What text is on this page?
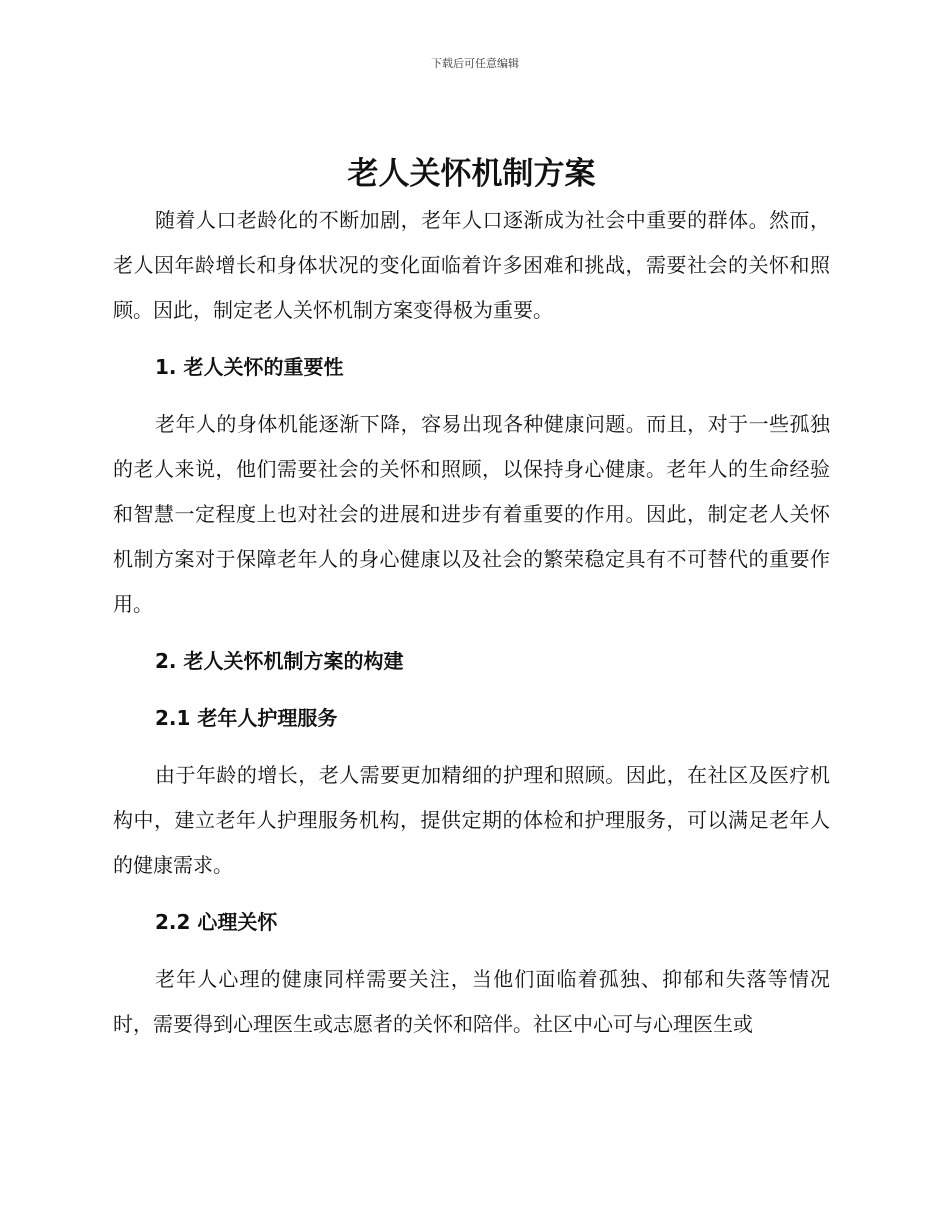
下载后可任意编辑
老人关怀机制方案

随着人口老龄化的不断加剧，老年人口逐渐成为社会中重要的群体。然而，老人因年龄增长和身体状况的变化面临着许多困难和挑战，需要社会的关怀和照顾。因此，制定老人关怀机制方案变得极为重要。

1. 老人关怀的重要性

老年人的身体机能逐渐下降，容易出现各种健康问题。而且，对于一些孤独的老人来说，他们需要社会的关怀和照顾，以保持身心健康。老年人的生命经验和智慧一定程度上也对社会的进展和进步有着重要的作用。因此，制定老人关怀机制方案对于保障老年人的身心健康以及社会的繁荣稳定具有不可替代的重要作用。

2. 老人关怀机制方案的构建
2.1 老年人护理服务

由于年龄的增长，老人需要更加精细的护理和照顾。因此，在社区及医疗机构中，建立老年人护理服务机构，提供定期的体检和护理服务，可以满足老年人的健康需求。

2.2 心理关怀

老年人心理的健康同样需要关注，当他们面临着孤独、抑郁和失落等情况时，需要得到心理医生或志愿者的关怀和陪伴。社区中心可与心理医生或
